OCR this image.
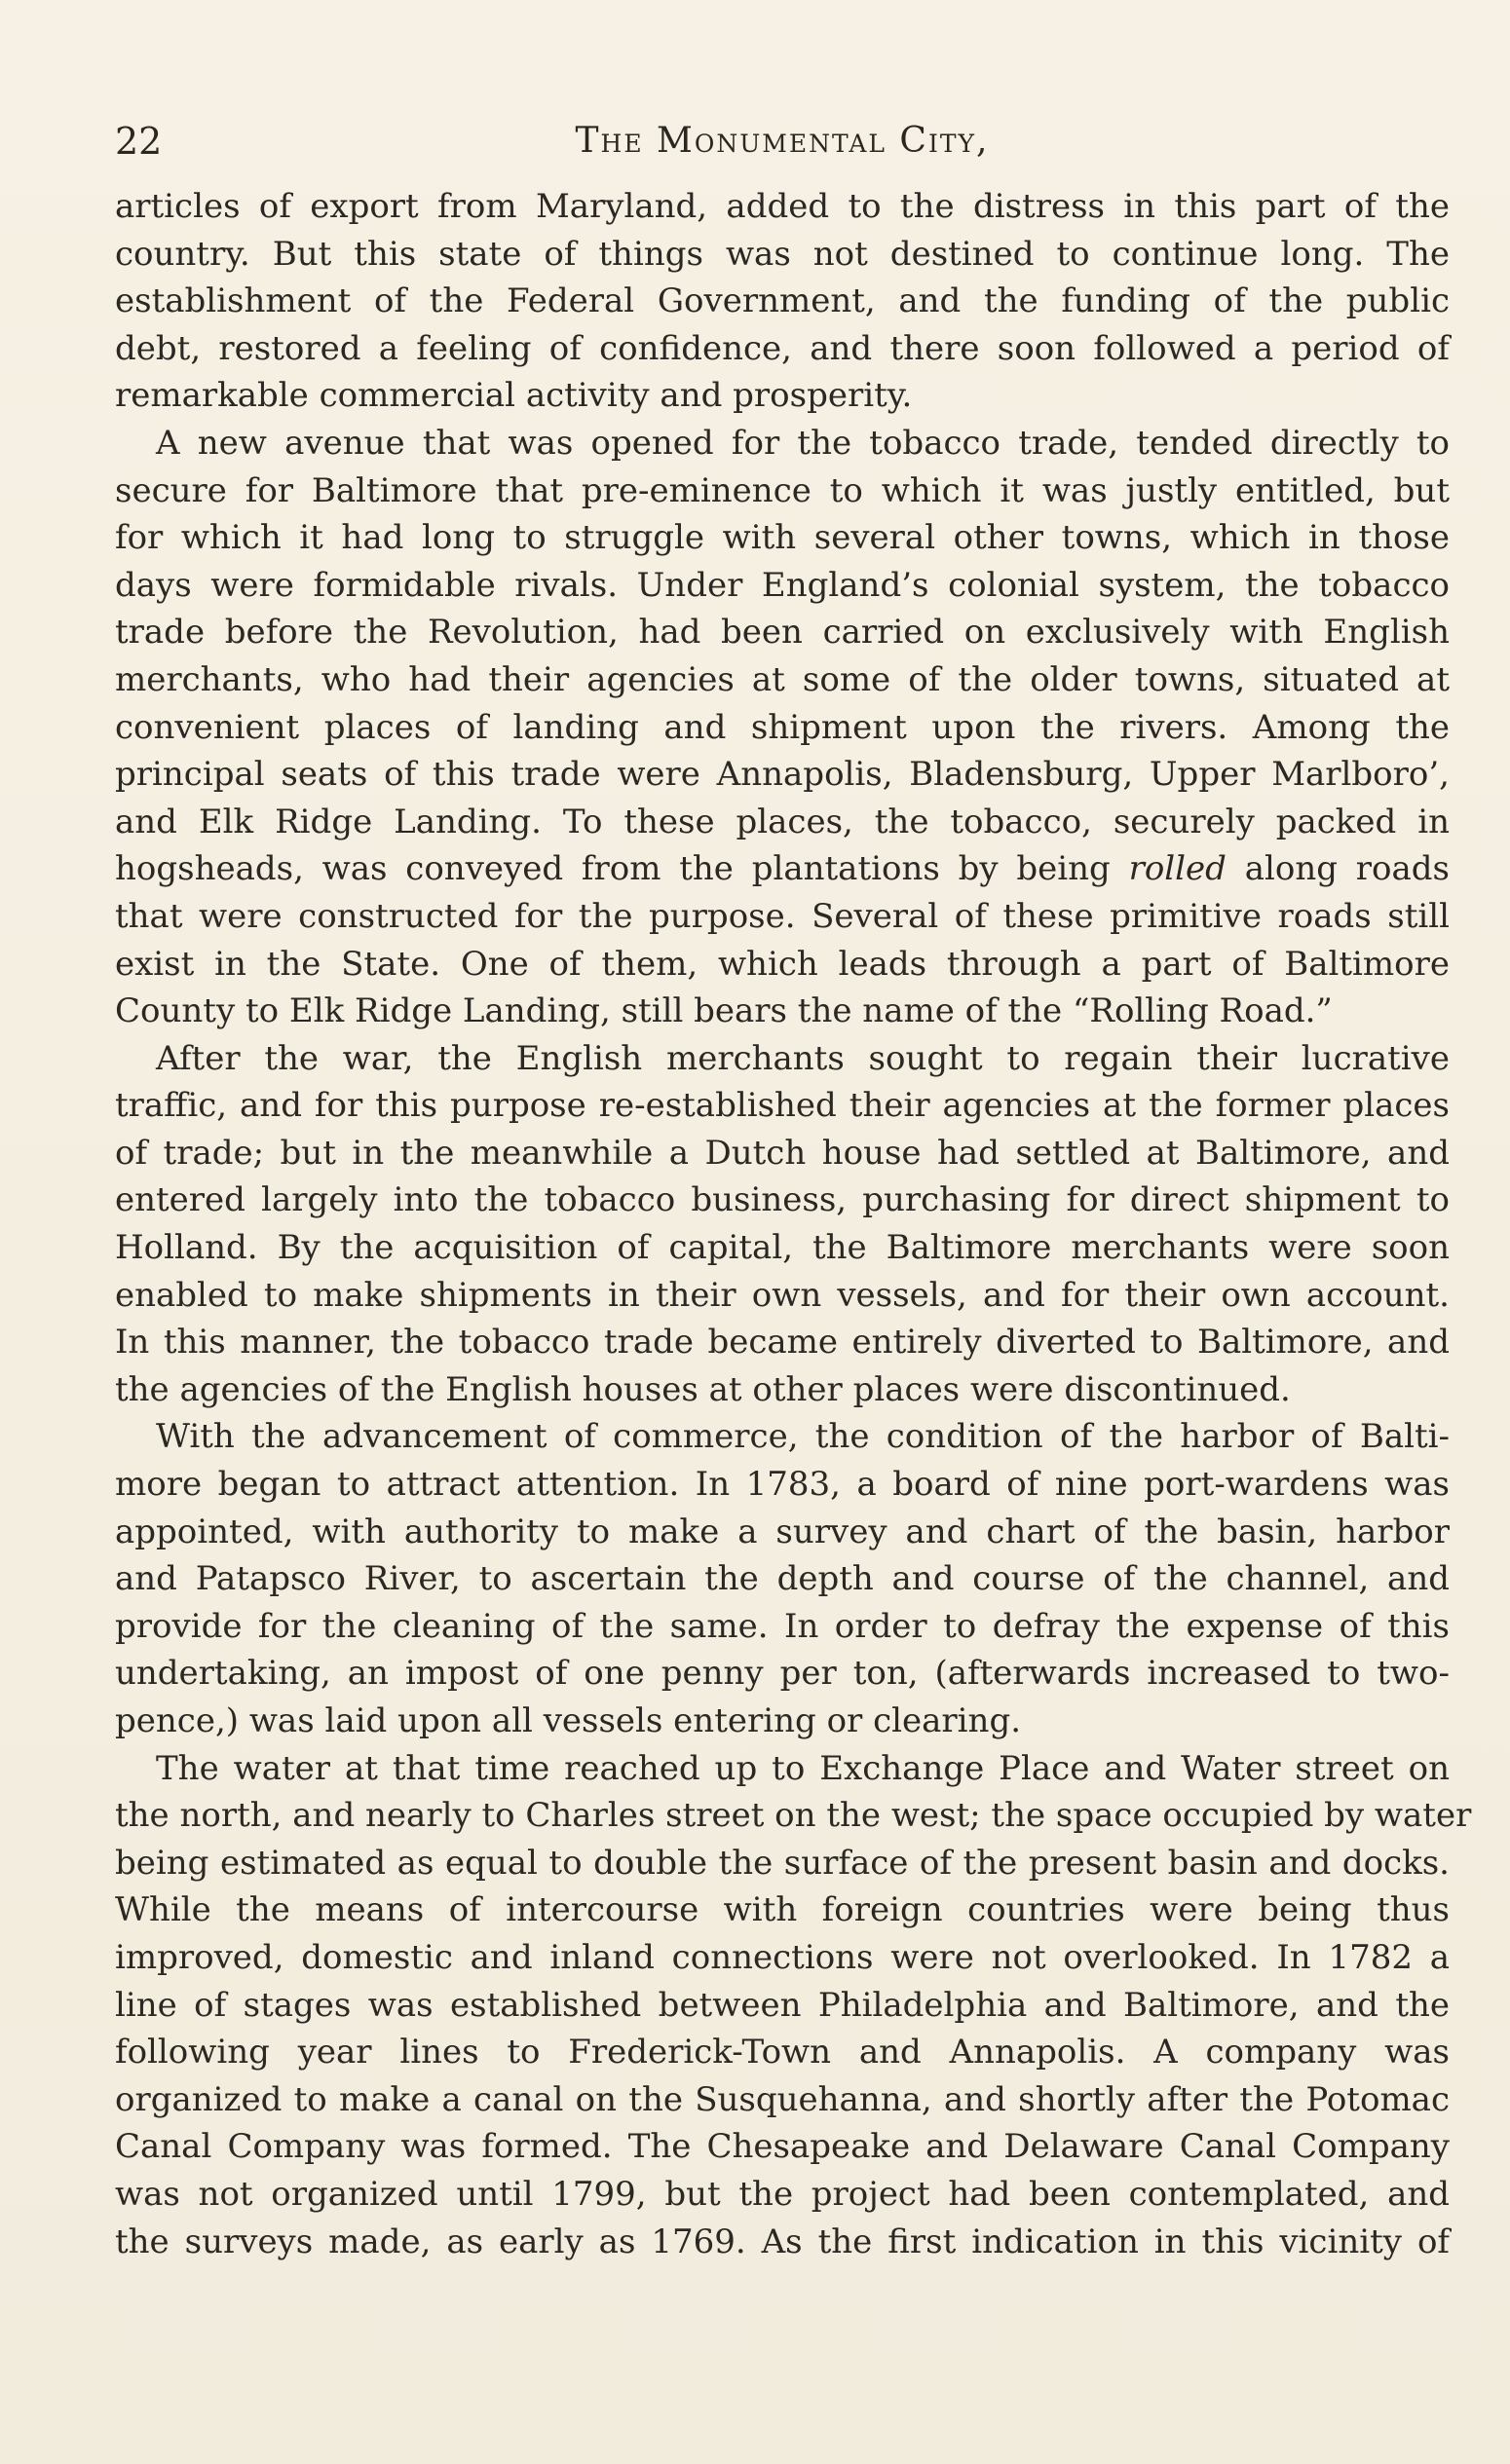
22	The Monumental City,
articles of export from Maryland, added to the distress in this part of the
country. But this state of things was not destined to continue long. The
establishment of the Federal Government, and the funding of the public
debt, restored a feeling of confidence, and there soon followed a period of
remarkable commercial activity and prosperity.
A new avenue that was opened for the tobacco trade, tended directly to
secure for Baltimore that pre-eminence to which it was justly entitled, but
for which it had long to struggle with several other towns, which in those
days were formidable rivals. Under England’s colonial system, the tobacco
trade before the Revolution, had been carried on exclusively with English
merchants, who had their agencies at some of the older towns, situated at
convenient places of landing and shipment upon the rivers. Among the
principal seats of this trade were Annapolis, Bladensburg, Upper Marlboro’,
and Elk Ridge Landing. To these places, the tobacco, securely packed in
hogsheads, was conveyed from the plantations by being rolled along roads
that were constructed for the purpose. Several of these primitive roads still
exist in the State. One of them, which leads through a part of Baltimore
County to Elk Ridge Landing, still bears the name of the “Rolling Road.”
After the war, the English merchants sought to regain their lucrative
traffic, and for this purpose re-established their agencies at the former places
of trade; but in the meanwhile a Dutch house had settled at Baltimore, and
entered largely into the tobacco business, purchasing for direct shipment to
Holland. By the acquisition of capital, the Baltimore merchants were soon
enabled to make shipments in their own vessels, and for their own account.
In this manner, the tobacco trade became entirely diverted to Baltimore, and
the agencies of the English houses at other places were discontinued.
With the advancement of commerce, the condition of the harbor of Balti-
more began to attract attention. In 1783, a board of nine port-wardens was
appointed, with authority to make a survey and chart of the basin, harbor
and Patapsco River, to ascertain the depth and course of the channel, and
provide for the cleaning of the same. In order to defray the expense of this
undertaking, an impost of one penny per ton, (afterwards increased to two-
pence,) was laid upon all vessels entering or clearing.
The water at that time reached up to Exchange Place and Water street on
the north, and nearly to Charles street on the west; the space occupied by water
being estimated as equal to double the surface of the present basin and docks.
While the means of intercourse with foreign countries were being thus
improved, domestic and inland connections were not overlooked. In 1782 a
line of stages was established between Philadelphia and Baltimore, and the
following year lines to Frederick-Town and Annapolis. A company was
organized to make a canal on the Susquehanna, and shortly after the Potomac
Canal Company was formed. The Chesapeake and Delaware Canal Company
was not organized until 1799, but the project had been contemplated, and
the surveys made, as early as 1769. As the first indication in this vicinity of
